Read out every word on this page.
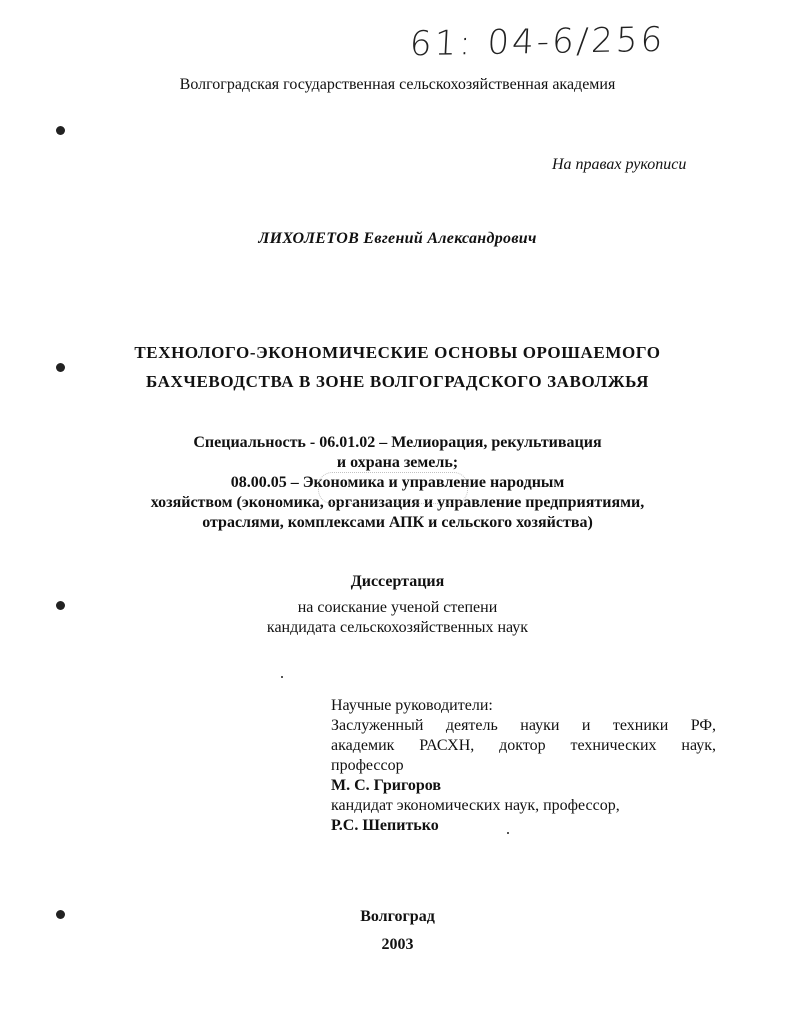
61: 04-6/256
Волгоградская государственная сельскохозяйственная академия
На правах рукописи
ЛИХОЛЕТОВ Евгений Александрович
ТЕХНОЛОГО-ЭКОНОМИЧЕСКИЕ ОСНОВЫ ОРОШАЕМОГО
БАХЧЕВОДСТВА В ЗОНЕ ВОЛГОГРАДСКОГО ЗАВОЛЖЬЯ
Специальность - 06.01.02 – Мелиорация, рекультивация
и охрана земель;
08.00.05 – Экономика и управление народным
хозяйством (экономика, организация и управление предприятиями,
отраслями, комплексами АПК и сельского хозяйства)
Диссертация
на соискание ученой степени
кандидата сельскохозяйственных наук
Научные руководители:
Заслуженный деятель науки и техники РФ,
академик РАСХН, доктор технических наук,
профессор
М. С. Григоров
кандидат экономических наук, профессор,
Р.С. Шепитько
Волгоград
2003
